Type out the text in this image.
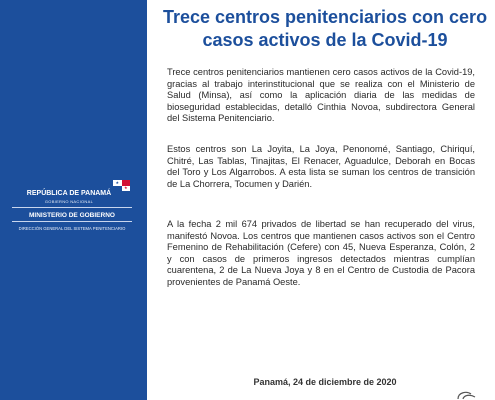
★
★
REPÚBLICA DE PANAMÁ
GOBIERNO NACIONAL
MINISTERIO DE GOBIERNO
DIRECCIÓN GENERAL DEL SISTEMA PENITENCIARIO
Trece centros penitenciarios con cero casos activos de la Covid-19

Trece centros penitenciarios mantienen cero casos activos de la Covid-19, gracias al trabajo interinstitucional que se realiza con el Ministerio de Salud (Minsa), así como la aplicación diaria de las medidas de bioseguridad establecidas, detalló Cinthia Novoa, subdirectora General del Sistema Penitenciario.

Estos centros son La Joyita, La Joya, Penonomé, Santiago, Chiriquí, Chitré, Las Tablas, Tinajitas, El Renacer, Aguadulce, Deborah en Bocas del Toro y Los Algarrobos. A esta lista se suman los centros de transición de La Chorrera, Tocumen y Darién.

A la fecha 2 mil 674 privados de libertad se han recuperado del virus, manifestó Novoa. Los centros que mantienen casos activos son el Centro Femenino de Rehabilitación (Cefere) con 45, Nueva Esperanza, Colón, 2 y con casos de primeros ingresos detectados mientras cumplían cuarentena, 2 de La Nueva Joya y 8 en el Centro de Custodia de Pacora provenientes de Panamá Oeste.

Panamá, 24 de diciembre de 2020
